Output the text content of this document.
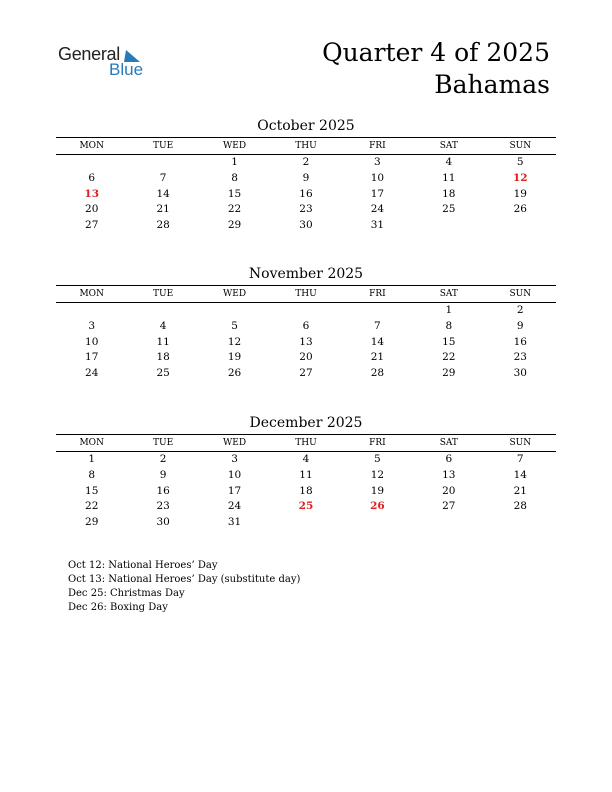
General
Blue
Quarter 4 of 2025
Bahamas
October 2025
MON	TUE	WED	THU	FRI	SAT	SUN
		1	2	3	4	5
6	7	8	9	10	11	12
13	14	15	16	17	18	19
20	21	22	23	24	25	26
27	28	29	30	31		
November 2025
MON	TUE	WED	THU	FRI	SAT	SUN
					1	2
3	4	5	6	7	8	9
10	11	12	13	14	15	16
17	18	19	20	21	22	23
24	25	26	27	28	29	30
December 2025
MON	TUE	WED	THU	FRI	SAT	SUN
1	2	3	4	5	6	7
8	9	10	11	12	13	14
15	16	17	18	19	20	21
22	23	24	25	26	27	28
29	30	31				
Oct 12: National Heroes’ Day
Oct 13: National Heroes’ Day (substitute day)
Dec 25: Christmas Day
Dec 26: Boxing Day
